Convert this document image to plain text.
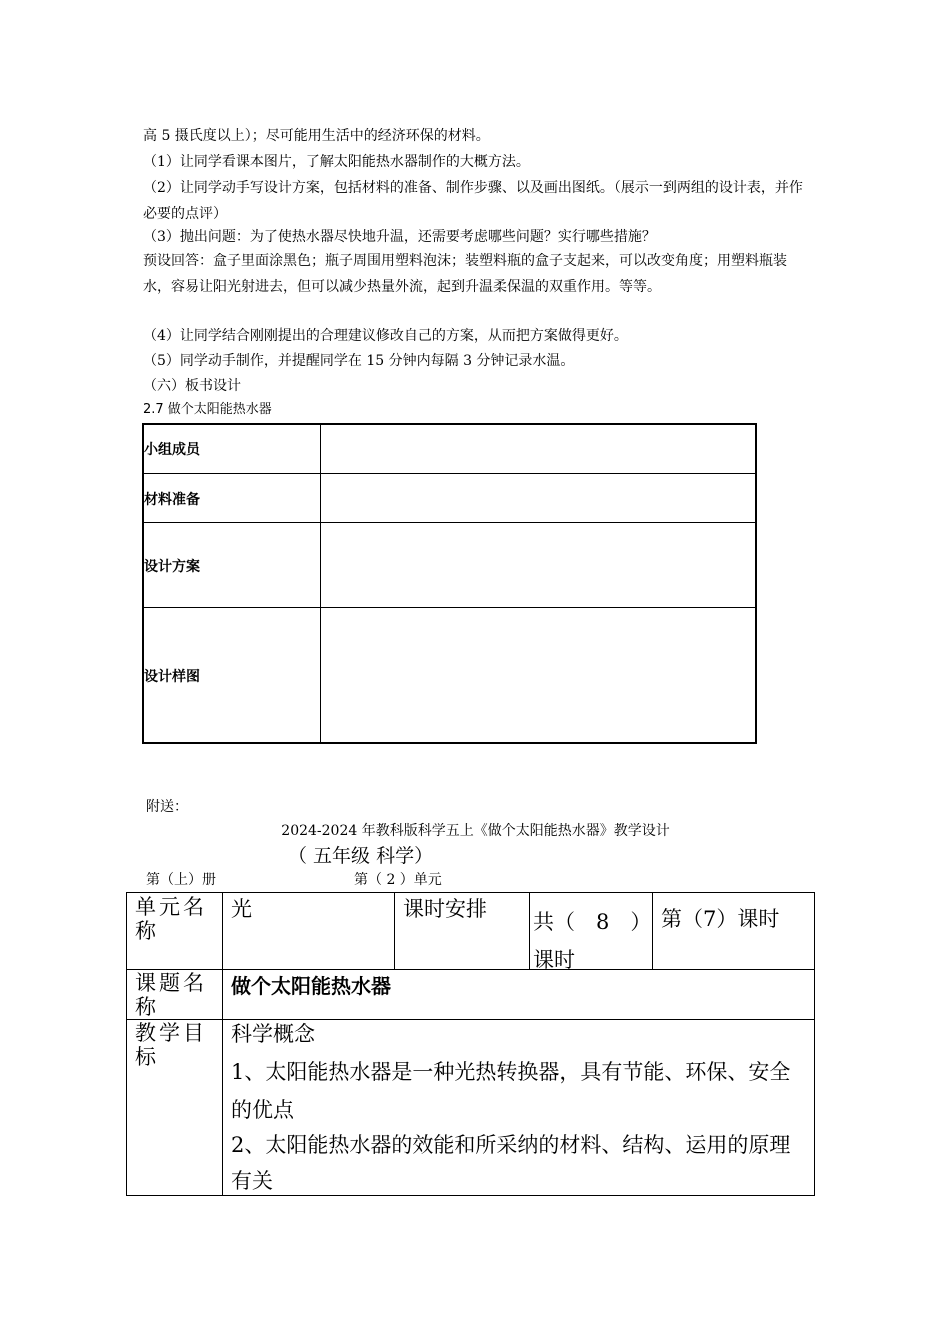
高 5 摄氏度以上）；尽可能用生活中的经济环保的材料。

（1）让同学看课本图片，了解太阳能热水器制作的大概方法。

（2）让同学动手写设计方案，包括材料的准备、制作步骤、以及画出图纸。（展示一到两组的设计表，并作必要的点评）

（3）抛出问题：为了使热水器尽快地升温，还需要考虑哪些问题？实行哪些措施？

预设回答：盒子里面涂黑色；瓶子周围用塑料泡沫；装塑料瓶的盒子支起来，可以改变角度；用塑料瓶装水，容易让阳光射进去，但可以减少热量外流，起到升温柔保温的双重作用。等等。

（4）让同学结合刚刚提出的合理建议修改自己的方案，从而把方案做得更好。

（5）同学动手制作，并提醒同学在 15 分钟内每隔 3 分钟记录水温。

（六）板书设计

2.7 做个太阳能热水器

小组成员
材料准备
设计方案
设计样图

附送：

2024-2024 年教科版科学五上《做个太阳能热水器》教学设计

（ 五年级 科学）

第（上）册	第（ 2 ）单元

单元名称
光	课时安排
共（　8　）课时
第（7）课时
课题名称
做个太阳能热水器
教学目标
科学概念
1、太阳能热水器是一种光热转换器，具有节能、环保、安全的优点
2、太阳能热水器的效能和所采纳的材料、结构、运用的原理有关
